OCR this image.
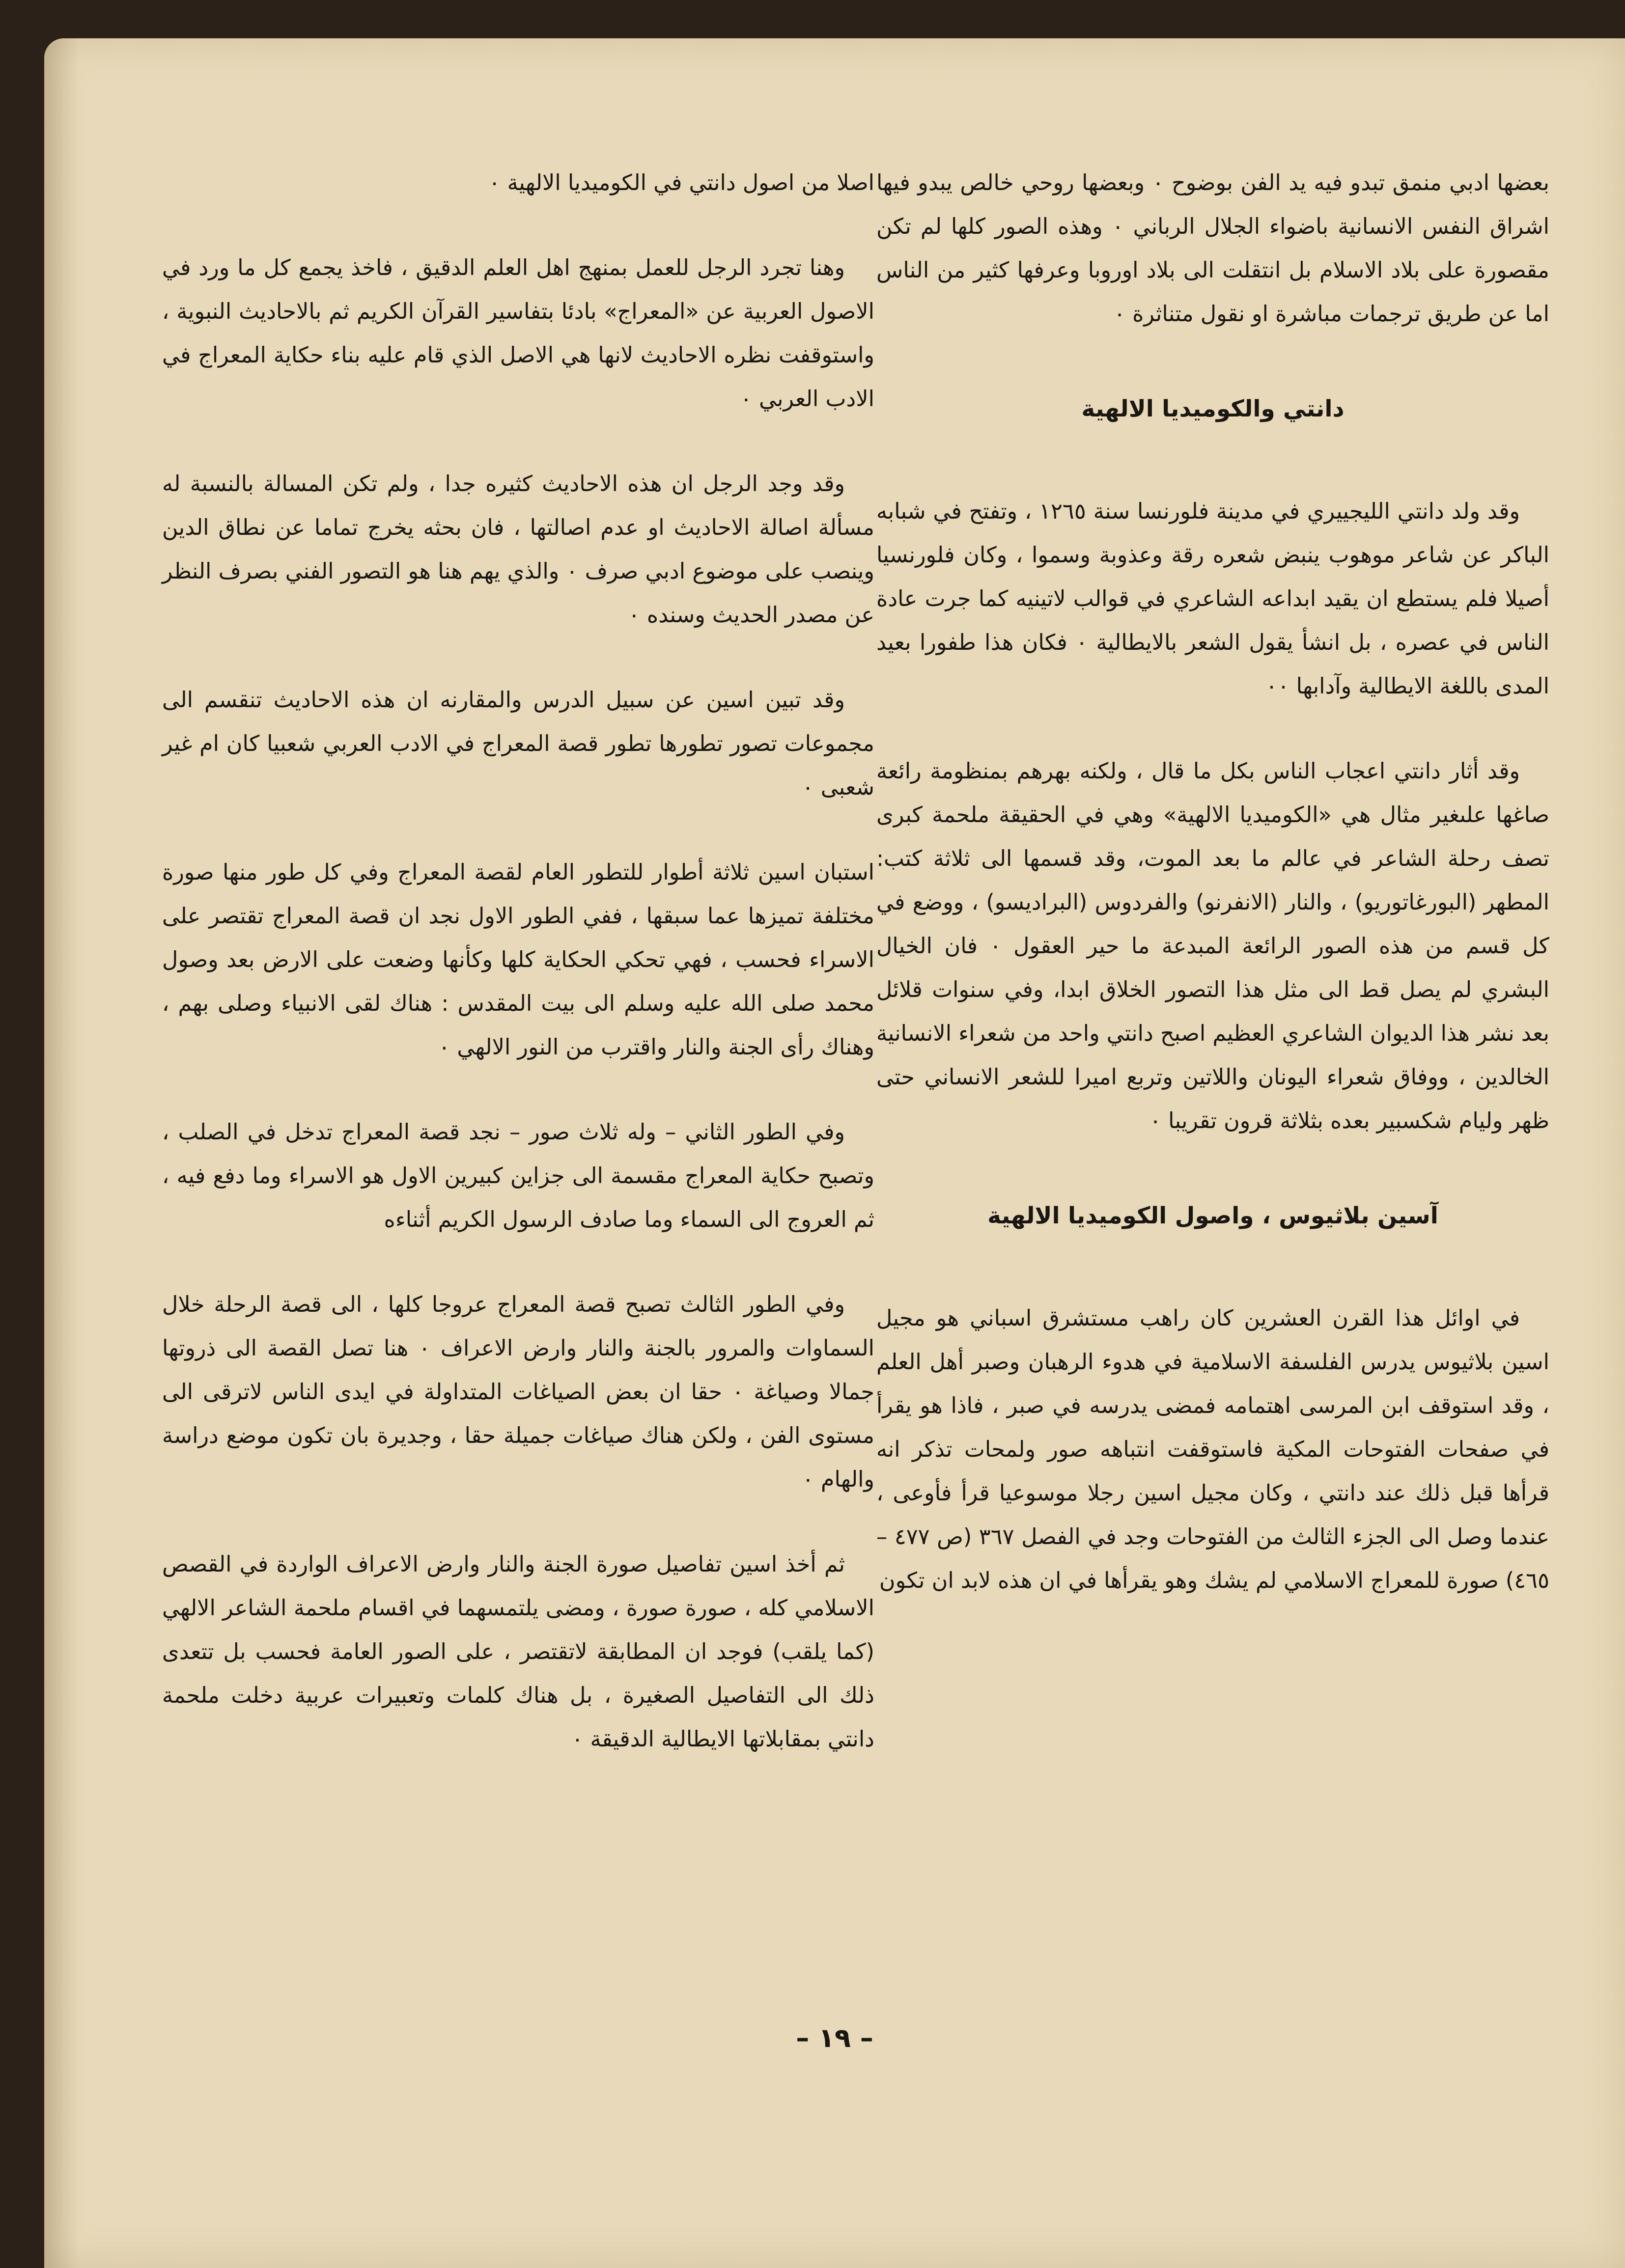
بعضها ادبي منمق تبدو فيه يد الفن بوضوح ٠ وبعضها روحي خالص يبدو فيها اشراق النفس الانسانية باضواء الجلال الرباني ٠ وهذه الصور كلها لم تكن مقصورة على بلاد الاسلام بل انتقلت الى بلاد اوروبا وعرفها كثير من الناس اما عن طريق ترجمات مباشرة او نقول متناثرة ٠

دانتي والكوميديا الالهية

وقد ولد دانتي الليجييري في مدينة فلورنسا سنة ١٢٦٥ ، وتفتح في شبابه الباكر عن شاعر موهوب ينبض شعره رقة وعذوبة وسموا ، وكان فلورنسيا أصيلا فلم يستطع ان يقيد ابداعه الشاعري في قوالب لاتينيه كما جرت عادة الناس في عصره ، بل انشأ يقول الشعر بالايطالية ٠ فكان هذا طفورا بعيد المدى باللغة الايطالية وآدابها ٠٠

وقد أثار دانتي اعجاب الناس بكل ما قال ، ولكنه بهرهم بمنظومة رائعة صاغها علىغير مثال هي «الكوميديا الالهية» وهي في الحقيقة ملحمة كبرى تصف رحلة الشاعر في عالم ما بعد الموت، وقد قسمها الى ثلاثة كتب: المطهر (البورغاتوريو) ، والنار (الانفرنو) والفردوس (البراديسو) ، ووضع في كل قسم من هذه الصور الرائعة المبدعة ما حير العقول ٠ فان الخيال البشري لم يصل قط الى مثل هذا التصور الخلاق ابدا، وفي سنوات قلائل بعد نشر هذا الديوان الشاعري العظيم اصبح دانتي واحد من شعراء الانسانية الخالدين ، ووفاق شعراء اليونان واللاتين وتربع اميرا للشعر الانساني حتى ظهر وليام شكسبير بعده بثلاثة قرون تقريبا ٠

آسين بلاثيوس ، واصول الكوميديا الالهية

في اوائل هذا القرن العشرين كان راهب مستشرق اسباني هو مجيل اسين بلاثيوس يدرس الفلسفة الاسلامية في هدوء الرهبان وصبر أهل العلم ، وقد استوقف ابن المرسى اهتمامه فمضى يدرسه في صبر ، فاذا هو يقرأ في صفحات الفتوحات المكية فاستوقفت انتباهه صور ولمحات تذكر انه قرأها قبل ذلك عند دانتي ، وكان مجيل اسين رجلا موسوعيا قرأ فأوعى ، عندما وصل الى الجزء الثالث من الفتوحات وجد في الفصل ٣٦٧ (ص ٤٧٧ – ٤٦٥) صورة للمعراج الاسلامي لم يشك وهو يقرأها في ان هذه لابد ان تكون

اصلا من اصول دانتي في الكوميديا الالهية ٠

وهنا تجرد الرجل للعمل بمنهج اهل العلم الدقيق ، فاخذ يجمع كل ما ورد في الاصول العربية عن «المعراج» بادئا بتفاسير القرآن الكريم ثم بالاحاديث النبوية ، واستوقفت نظره الاحاديث لانها هي الاصل الذي قام عليه بناء حكاية المعراج في الادب العربي ٠

وقد وجد الرجل ان هذه الاحاديث كثيره جدا ، ولم تكن المسالة بالنسبة له مسألة اصالة الاحاديث او عدم اصالتها ، فان بحثه يخرج تماما عن نطاق الدين وينصب على موضوع ادبي صرف ٠ والذي يهم هنا هو التصور الفني بصرف النظر عن مصدر الحديث وسنده ٠

وقد تبين اسين عن سبيل الدرس والمقارنه ان هذه الاحاديث تنقسم الى مجموعات تصور تطورها تطور قصة المعراج في الادب العربي شعبيا كان ام غير شعبى ٠

استبان اسين ثلاثة أطوار للتطور العام لقصة المعراج وفي كل طور منها صورة مختلفة تميزها عما سبقها ، ففي الطور الاول نجد ان قصة المعراج تقتصر على الاسراء فحسب ، فهي تحكي الحكاية كلها وكأنها وضعت على الارض بعد وصول محمد صلى الله عليه وسلم الى بيت المقدس : هناك لقى الانبياء وصلى بهم ، وهناك رأى الجنة والنار واقترب من النور الالهي ٠

وفي الطور الثاني – وله ثلاث صور – نجد قصة المعراج تدخل في الصلب ، وتصبح حكاية المعراج مقسمة الى جزاين كبيرين الاول هو الاسراء وما دفع فيه ، ثم العروج الى السماء وما صادف الرسول الكريم أثناءه

وفي الطور الثالث تصبح قصة المعراج عروجا كلها ، الى قصة الرحلة خلال السماوات والمرور بالجنة والنار وارض الاعراف ٠ هنا تصل القصة الى ذروتها جمالا وصياغة ٠ حقا ان بعض الصياغات المتداولة في ايدى الناس لاترقى الى مستوى الفن ، ولكن هناك صياغات جميلة حقا ، وجديرة بان تكون موضع دراسة والهام ٠

ثم أخذ اسين تفاصيل صورة الجنة والنار وارض الاعراف الواردة في القصص الاسلامي كله ، صورة صورة ، ومضى يلتمسهما في اقسام ملحمة الشاعر الالهي (كما يلقب) فوجد ان المطابقة لاتقتصر ، على الصور العامة فحسب بل تتعدى ذلك الى التفاصيل الصغيرة ، بل هناك كلمات وتعبيرات عربية دخلت ملحمة دانتي بمقابلاتها الايطالية الدقيقة ٠

– ١٩ –
